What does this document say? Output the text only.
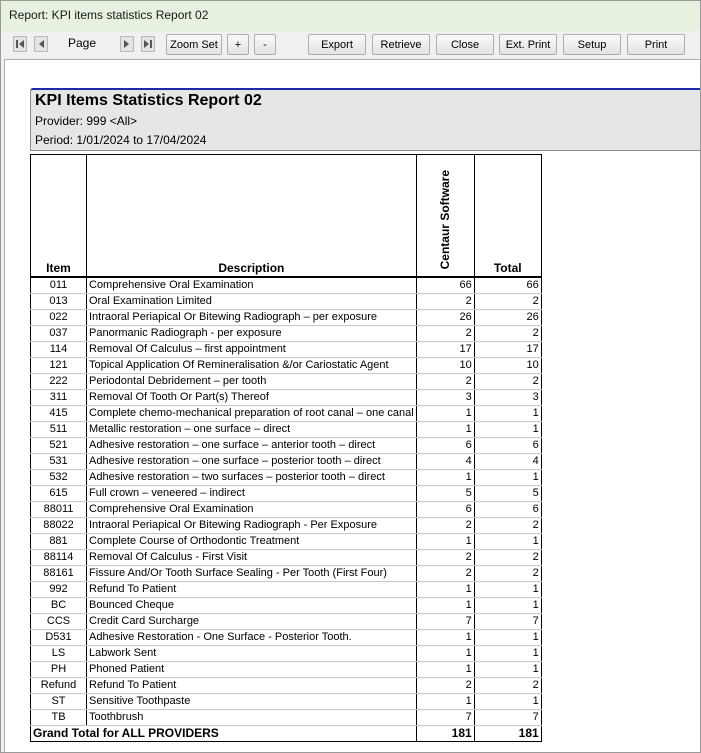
Report: KPI items statistics Report 02
Page	Zoom Set	+	-	Export	Retrieve	Close	Ext. Print	Setup	Print
KPI Items Statistics Report 02
Provider: 999 <All>
Period: 1/01/2024 to 17/04/2024
Item	Description	Centaur Software	Total
011	Comprehensive Oral Examination	66	66
013	Oral Examination Limited	2	2
022	Intraoral Periapical Or Bitewing Radiograph – per exposure	26	26
037	Panormanic Radiograph - per exposure	2	2
114	Removal Of Calculus – first appointment	17	17
121	Topical Application Of Remineralisation &/or Cariostatic Agent	10	10
222	Periodontal Debridement – per tooth	2	2
311	Removal Of Tooth Or Part(s) Thereof	3	3
415	Complete chemo-mechanical preparation of root canal – one canal	1	1
511	Metallic restoration – one surface – direct	1	1
521	Adhesive restoration – one surface – anterior tooth – direct	6	6
531	Adhesive restoration – one surface – posterior tooth – direct	4	4
532	Adhesive restoration – two surfaces – posterior tooth – direct	1	1
615	Full crown – veneered – indirect	5	5
88011	Comprehensive Oral Examination	6	6
88022	Intraoral Periapical Or Bitewing Radiograph - Per Exposure	2	2
881	Complete Course of Orthodontic Treatment	1	1
88114	Removal Of Calculus - First Visit	2	2
88161	Fissure And/Or Tooth Surface Sealing - Per Tooth (First Four)	2	2
992	Refund To Patient	1	1
BC	Bounced Cheque	1	1
CCS	Credit Card Surcharge	7	7
D531	Adhesive Restoration - One Surface - Posterior Tooth.	1	1
LS	Labwork Sent	1	1
PH	Phoned Patient	1	1
Refund	Refund To Patient	2	2
ST	Sensitive Toothpaste	1	1
TB	Toothbrush	7	7
Grand Total for ALL PROVIDERS		181	181
